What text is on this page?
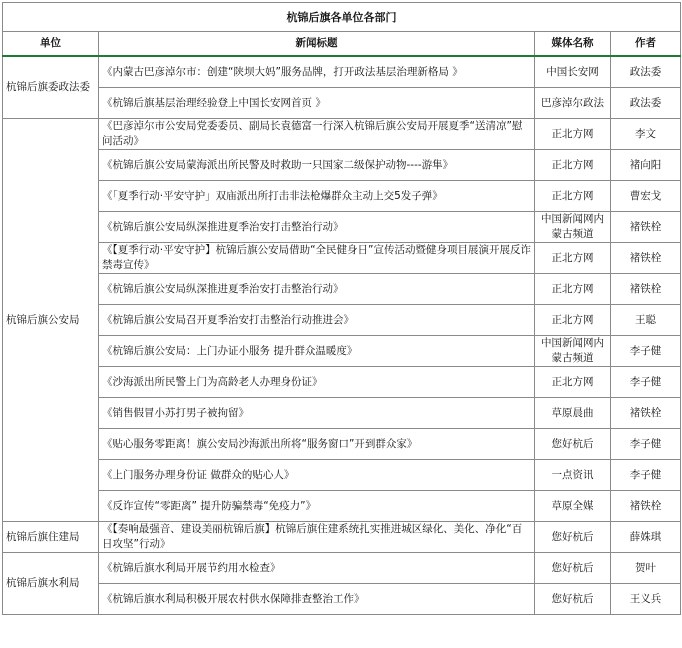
杭锦后旗各单位各部门			
单位	新闻标题	媒体名称	作者
杭锦后旗委政法委	《内蒙古巴彦淖尔市：创建“陕坝大妈”服务品牌，打开政法基层治理新格局 》	中国长安网	政法委
	《杭锦后旗基层治理经验登上中国长安网首页 》	巴彦淖尔政法	政法委
杭锦后旗公安局	《巴彦淖尔市公安局党委委员、副局长袁德富一行深入杭锦后旗公安局开展夏季“送清凉”慰问活动》	正北方网	李文
	《杭锦后旗公安局蒙海派出所民警及时救助一只国家二级保护动物----游隼》	正北方网	褚向阳
	《「夏季行动·平安守护」双庙派出所打击非法枪爆群众主动上交5发子弹》	正北方网	曹宏戈
	《杭锦后旗公安局纵深推进夏季治安打击整治行动》	中国新闻网内蒙古频道	褚铁栓
	《【夏季行动·平安守护】杭锦后旗公安局借助“全民健身日”宣传活动暨健身项目展演开展反诈禁毒宣传》	正北方网	褚铁栓
	《杭锦后旗公安局纵深推进夏季治安打击整治行动》	正北方网	褚铁栓
	《杭锦后旗公安局召开夏季治安打击整治行动推进会》	正北方网	王聪
	《杭锦后旗公安局：上门办证小服务 提升群众温暖度》	中国新闻网内蒙古频道	李子健
	《沙海派出所民警上门为高龄老人办理身份证》	正北方网	李子健
	《销售假冒小苏打男子被拘留》	草原晨曲	褚铁栓
	《贴心服务零距离！旗公安局沙海派出所将“服务窗口”开到群众家》	您好杭后	李子健
	《上门服务办理身份证 做群众的贴心人》	一点资讯	李子健
	《反诈宣传“零距离” 提升防骗禁毒“免疫力”》	草原全媒	褚铁栓
杭锦后旗住建局	《【奏响最强音、建设美丽杭锦后旗】杭锦后旗住建系统扎实推进城区绿化、美化、净化“百日攻坚”行动》	您好杭后	薛姝琪
杭锦后旗水利局	《杭锦后旗水利局开展节约用水检查》	您好杭后	贺叶
	《杭锦后旗水利局积极开展农村供水保障排查整治工作》	您好杭后	王义兵
